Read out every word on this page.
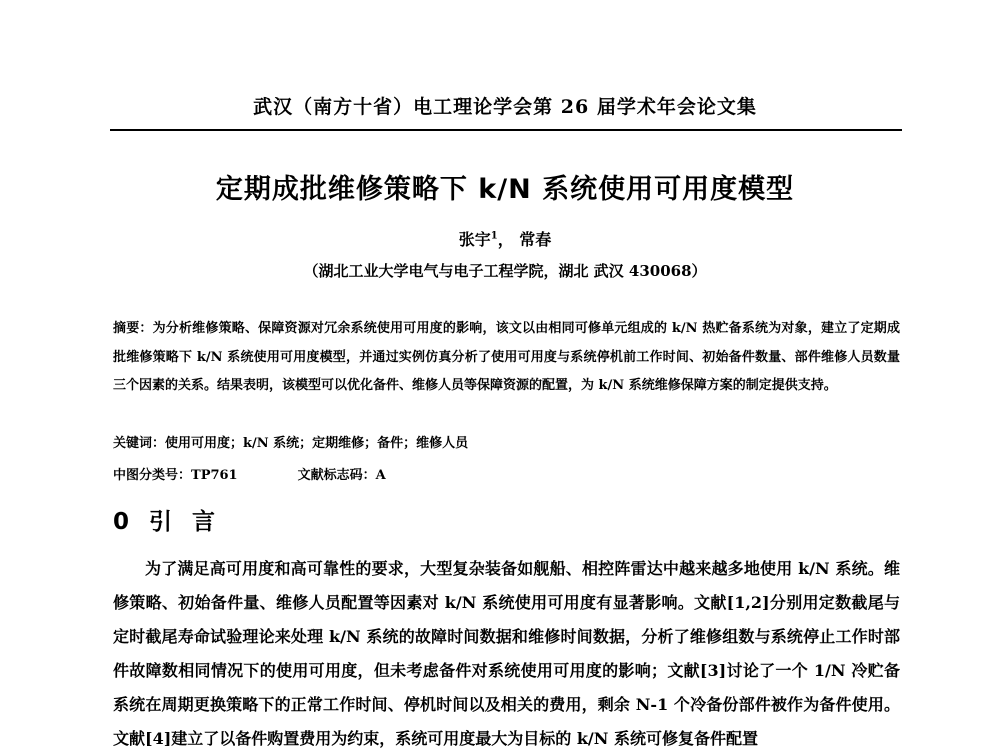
武汉（南方十省）电工理论学会第 26 届学术年会论文集
定期成批维修策略下 k/N 系统使用可用度模型
张宇$^1$， 常春
（湖北工业大学电气与电子工程学院，湖北 武汉 430068）
摘要：为分析维修策略、保障资源对冗余系统使用可用度的影响，该文以由相同可修单元组成的 k/N 热贮备系统为对象，建立了定期成批维修策略下 k/N 系统使用可用度模型，并通过实例仿真分析了使用可用度与系统停机前工作时间、初始备件数量、部件维修人员数量三个因素的关系。结果表明，该模型可以优化备件、维修人员等保障资源的配置，为 k/N 系统维修保障方案的制定提供支持。
关键词：使用可用度；k/N 系统；定期维修；备件；维修人员
中图分类号：TP761	文献标志码：A
0 引 言
为了满足高可用度和高可靠性的要求，大型复杂装备如舰船、相控阵雷达中越来越多地使用 k/N 系统。维修策略、初始备件量、维修人员配置等因素对 k/N 系统使用可用度有显著影响。文献[1,2]分别用定数截尾与定时截尾寿命试验理论来处理 k/N 系统的故障时间数据和维修时间数据，分析了维修组数与系统停止工作时部件故障数相同情况下的使用可用度，但未考虑备件对系统使用可用度的影响；文献[3]讨论了一个 1/N 冷贮备系统在周期更换策略下的正常工作时间、停机时间以及相关的费用，剩余 N-1 个冷备份部件被作为备件使用。文献[4]建立了以备件购置费用为约束，系统可用度最大为目标的 k/N 系统可修复备件配置
